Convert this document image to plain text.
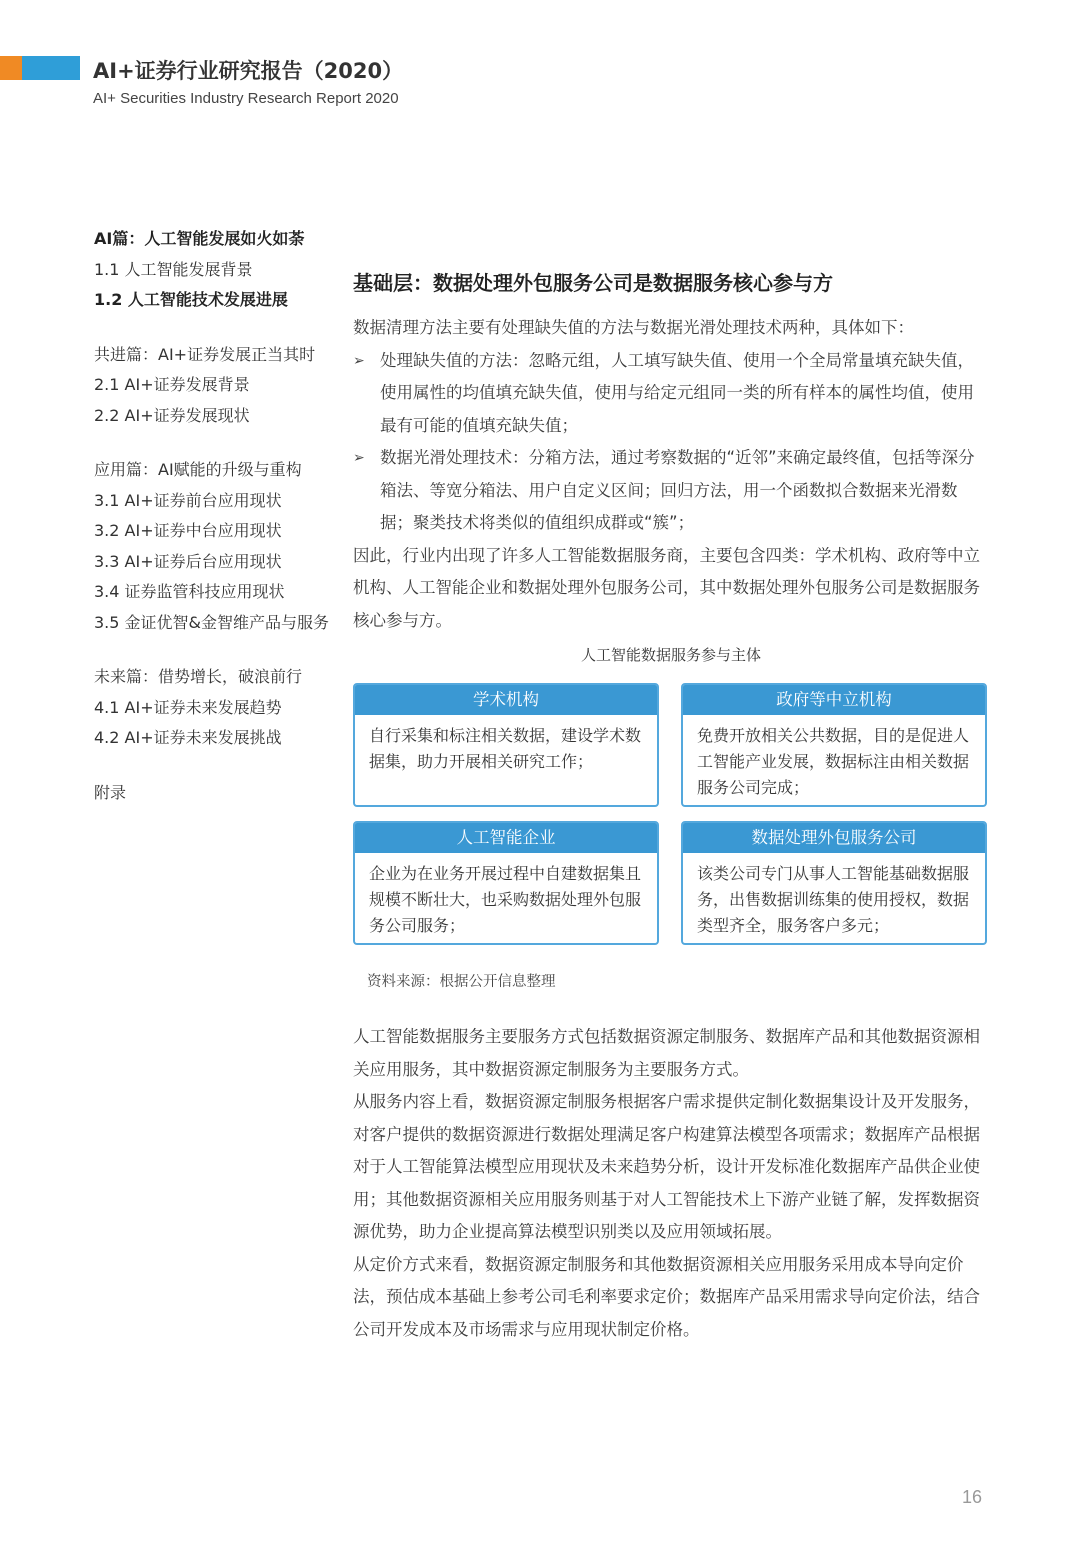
AI+证券行业研究报告（2020）
AI+ Securities Industry Research Report 2020
AI篇：人工智能发展如火如荼
1.1 人工智能发展背景
1.2 人工智能技术发展进展
共进篇：AI+证券发展正当其时
2.1 AI+证券发展背景
2.2 AI+证券发展现状
应用篇：AI赋能的升级与重构
3.1 AI+证券前台应用现状
3.2 AI+证券中台应用现状
3.3 AI+证券后台应用现状
3.4 证券监管科技应用现状
3.5 金证优智&金智维产品与服务
未来篇：借势增长，破浪前行
4.1 AI+证券未来发展趋势
4.2 AI+证券未来发展挑战
附录
基础层：数据处理外包服务公司是数据服务核心参与方

数据清理方法主要有处理缺失值的方法与数据光滑处理技术两种，具体如下：

➢ 处理缺失值的方法：忽略元组，人工填写缺失值、使用一个全局常量填充缺失值，使用属性的均值填充缺失值，使用与给定元组同一类的所有样本的属性均值，使用最有可能的值填充缺失值；
➢ 数据光滑处理技术：分箱方法，通过考察数据的“近邻”来确定最终值，包括等深分箱法、等宽分箱法、用户自定义区间；回归方法，用一个函数拟合数据来光滑数据；聚类技术将类似的值组织成群或“簇”；

因此，行业内出现了许多人工智能数据服务商，主要包含四类：学术机构、政府等中立机构、人工智能企业和数据处理外包服务公司，其中数据处理外包服务公司是数据服务核心参与方。

人工智能数据服务参与主体
学术机构
自行采集和标注相关数据，建设学术数据集，助力开展相关研究工作；
政府等中立机构
免费开放相关公共数据，目的是促进人工智能产业发展，数据标注由相关数据服务公司完成；
人工智能企业
企业为在业务开展过程中自建数据集且规模不断壮大，也采购数据处理外包服务公司服务；
数据处理外包服务公司
该类公司专门从事人工智能基础数据服务，出售数据训练集的使用授权，数据类型齐全，服务客户多元；
资料来源：根据公开信息整理

人工智能数据服务主要服务方式包括数据资源定制服务、数据库产品和其他数据资源相关应用服务，其中数据资源定制服务为主要服务方式。

从服务内容上看，数据资源定制服务根据客户需求提供定制化数据集设计及开发服务，对客户提供的数据资源进行数据处理满足客户构建算法模型各项需求；数据库产品根据对于人工智能算法模型应用现状及未来趋势分析，设计开发标准化数据库产品供企业使用；其他数据资源相关应用服务则基于对人工智能技术上下游产业链了解，发挥数据资源优势，助力企业提高算法模型识别类以及应用领域拓展。

从定价方式来看，数据资源定制服务和其他数据资源相关应用服务采用成本导向定价法，预估成本基础上参考公司毛利率要求定价；数据库产品采用需求导向定价法，结合公司开发成本及市场需求与应用现状制定价格。

16
